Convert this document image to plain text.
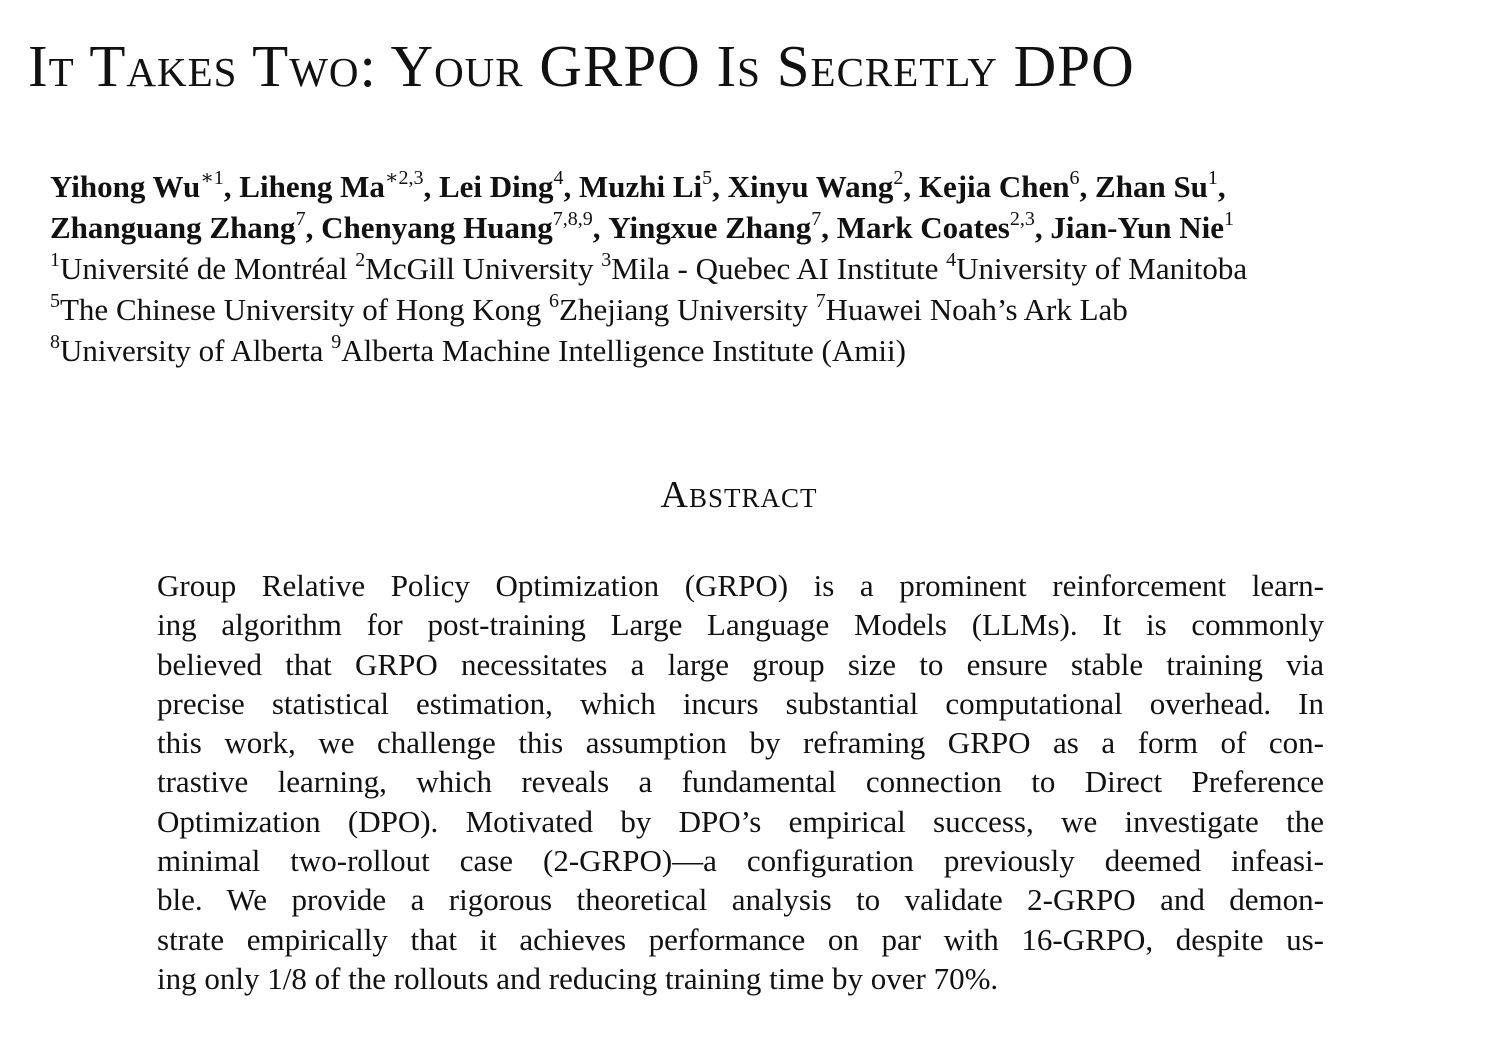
It Takes Two: Your GRPO Is Secretly DPO
Yihong $Wu^{∗1}$, Liheng $Ma^{∗2,3}$, Lei Ding$^4$, Muzhi Li$^5$, Xinyu Wang$^2$, Kejia Chen$^6$, Zhan Su$^1$,
Zhanguang Zhang$^7$, Chenyang Huang$^{7,8,9}$, Yingxue Zhang$^7$, Mark Coates$^{2,3}$, Jian-Yun Nie$^1$
$^1$Université de Montréal $^2$McGill University $^3$Mila - Quebec AI Institute $^4$University of Manitoba
$^5$The Chinese University of Hong Kong $^6$Zhejiang University $^7$Huawei Noah’s Ark Lab
$^8$University of Alberta $^9$Alberta Machine Intelligence Institute (Amii)
Abstract

Group Relative Policy Optimization (GRPO) is a prominent reinforcement learn-
ing algorithm for post-training Large Language Models (LLMs). It is commonly
believed that GRPO necessitates a large group size to ensure stable training via
precise statistical estimation, which incurs substantial computational overhead. In
this work, we challenge this assumption by reframing GRPO as a form of con-
trastive learning, which reveals a fundamental connection to Direct Preference
Optimization (DPO). Motivated by DPO’s empirical success, we investigate the
minimal two-rollout case (2-GRPO)—a configuration previously deemed infeasi-
ble. We provide a rigorous theoretical analysis to validate 2-GRPO and demon-
strate empirically that it achieves performance on par with 16-GRPO, despite us-
ing only 1/8 of the rollouts and reducing training time by over 70%.
